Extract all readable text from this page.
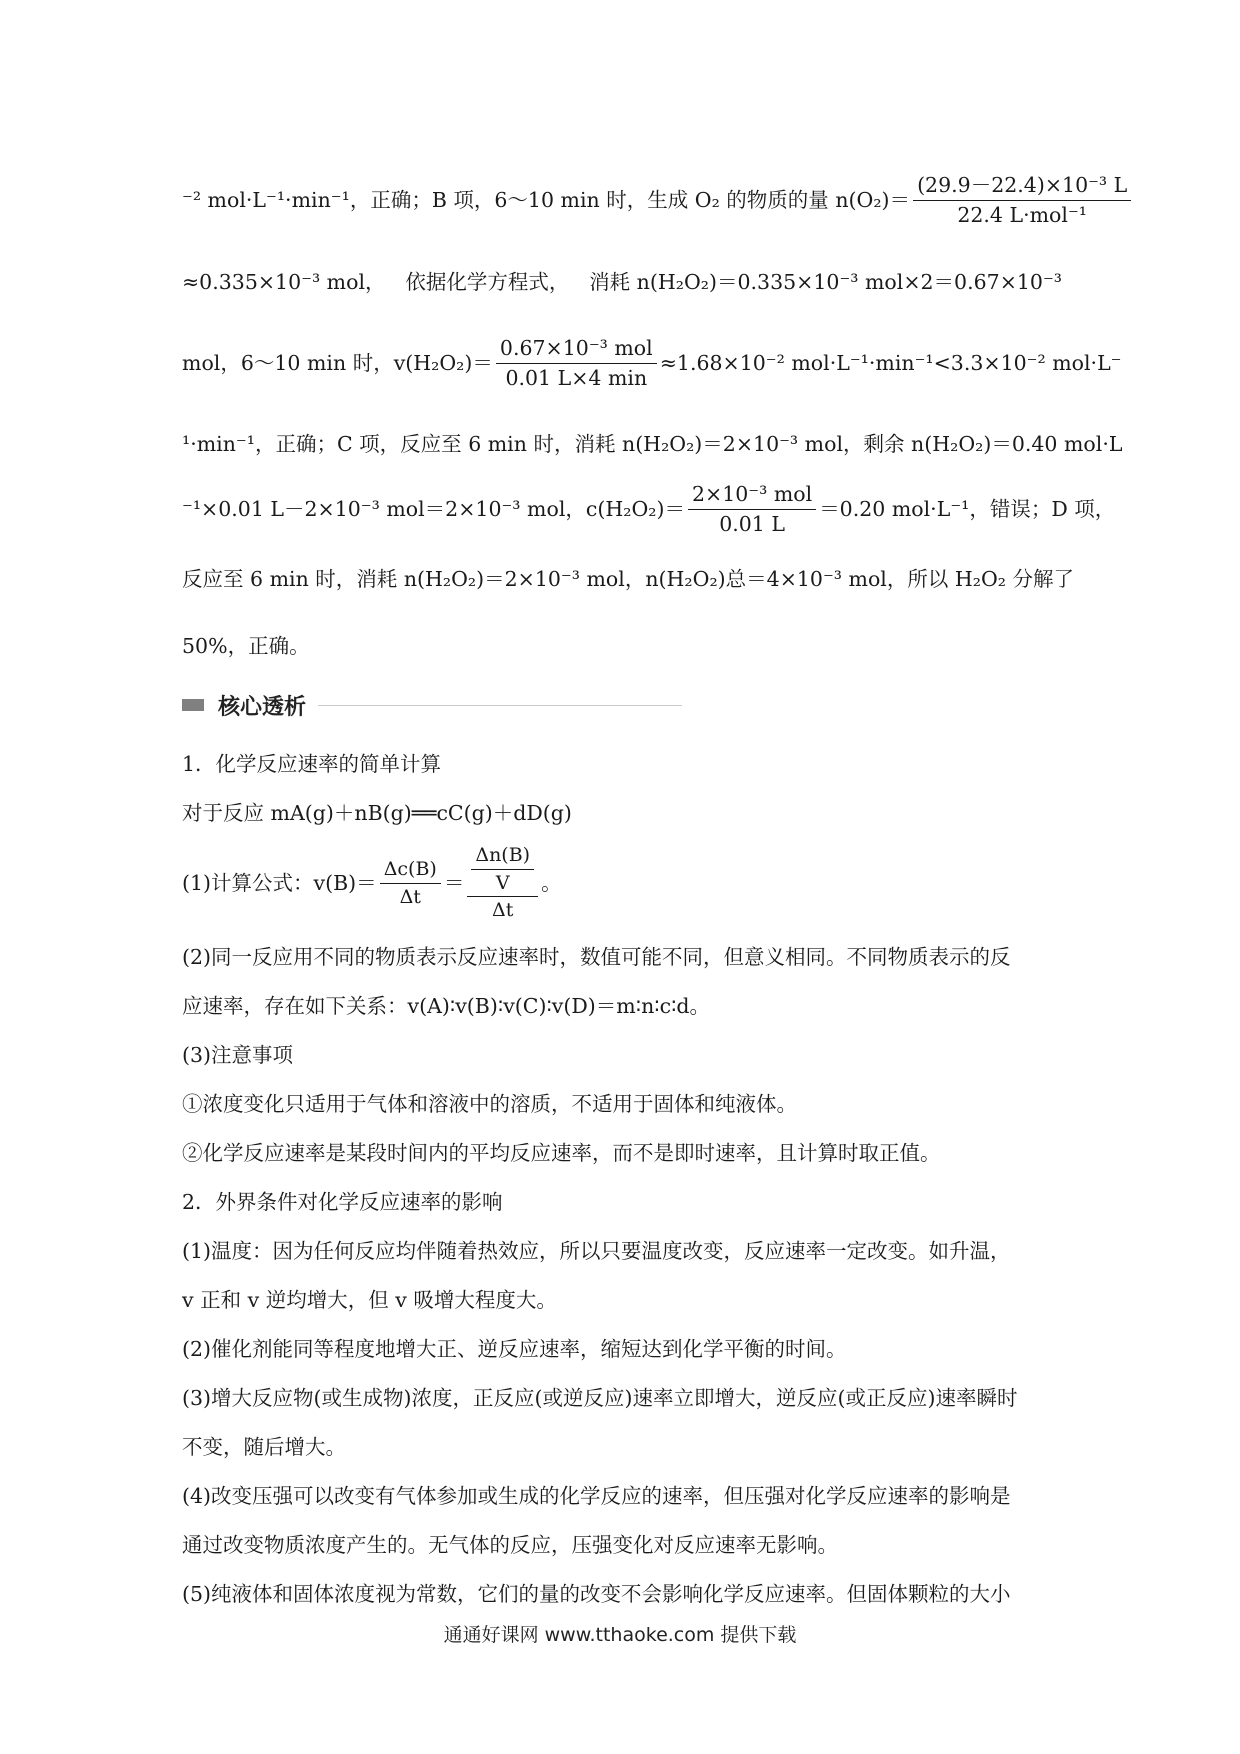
⁻² mol·L⁻¹·min⁻¹，正确；B 项，6～10 min 时，生成 O₂ 的物质的量 $n(O_2)= \frac{\text{(29.9－22.4)×10⁻³ L}}{\text{22.4 L·mol⁻¹}}$
≈0.335×10⁻³ mol， 依据化学方程式， 消耗 n(H₂O₂)＝0.335×10⁻³ mol×2＝0.67×10⁻³
mol，6～10 min 时，$v(H_2O_2)= \frac{\text{0.67×10⁻³ mol}}{0.01 L\times 4 \min} \approx 1.68\times 10^{-2}$ mol·L⁻¹·min⁻¹<3.3×10⁻² mol·L⁻
¹·min⁻¹，正确；C 项，反应至 6 min 时， 消耗 n(H₂O₂)＝2×10⁻³ mol，剩余 n(H₂O₂)＝0.40 mol·L
⁻¹×0.01 L－2×10⁻³ mol＝2×10⁻³ mol，$c(H_2O_2)= \frac{\text{2×10⁻³ mol}}{0.01 L} =0.20$ mol·L⁻¹，错误；D 项，
反应至 6 min 时， 消耗 n(H₂O₂)＝2×10⁻³ mol， n(H₂O₂)总＝4×10⁻³ mol，所以 H₂O₂ 分解了
50%，正确。
核心透析
1．化学反应速率的简单计算
对于反应 mA(g)＋nB(g)══cC(g)＋dD(g)
(1)计算公式：$v(B)= \frac{\Delta c(B)}{\Delta t} = \frac{\frac{\Delta n(B)}{V}}{\Delta t}$ 。
(2)同一反应用不同的物质表示反应速率时，数值可能不同，但意义相同。不同物质表示的反
应速率，存在如下关系：v(A)∶v(B)∶v(C)∶v(D)＝m∶n∶c∶d。
(3)注意事项
①浓度变化只适用于气体和溶液中的溶质，不适用于固体和纯液体。
②化学反应速率是某段时间内的平均反应速率，而不是即时速率，且计算时取正值。
2．外界条件对化学反应速率的影响
(1)温度：因为任何反应均伴随着热效应，所以只要温度改变，反应速率一定改变。如升温，
v 正和 v 逆均增大，但 v 吸增大程度大。
(2)催化剂能同等程度地增大正、逆反应速率，缩短达到化学平衡的时间。
(3)增大反应物(或生成物)浓度，正反应(或逆反应)速率立即增大，逆反应(或正反应)速率瞬时
不变，随后增大。
(4)改变压强可以改变有气体参加或生成的化学反应的速率，但压强对化学反应速率的影响是
通过改变物质浓度产生的。无气体的反应，压强变化对反应速率无影响。
(5)纯液体和固体浓度视为常数，它们的量的改变不会影响化学反应速率。但固体颗粒的大小
通通好课网 www.tthaoke.com 提供下载
